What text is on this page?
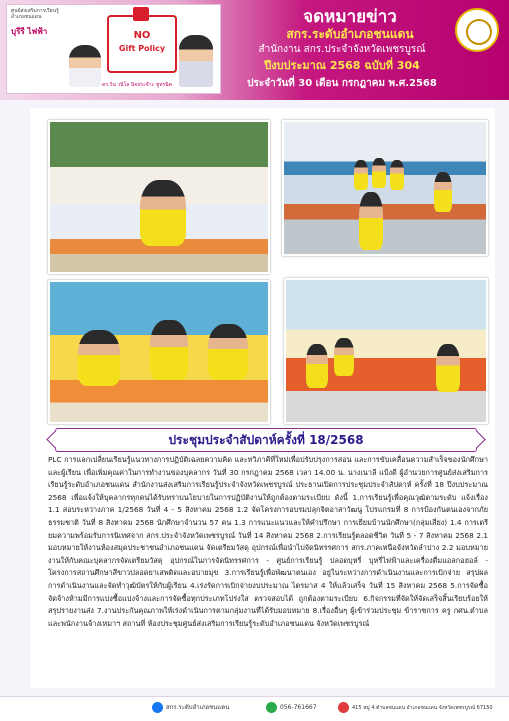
ศูนย์ส่งเสริมการเรียนรู้อำเภอชนแดน
บุรีรี ไฟฟ้า	NO
Gift Policy
ดร.วิน วนิโล นิจประจ๊าะ ชูทรนิต
จดหมายข่าว
สกร.ระดับอำเภอชนแดน
สำนักงาน สกร.ประจำจังหวัดเพชรบูรณ์
ปีงบประมาณ 2568 ฉบับที่ 304
ประจำวันที่ 30 เดือน กรกฎาคม พ.ศ.2568
ประชุมประจำสัปดาห์ครั้งที่ 18/2568
PLC การแลกเปลี่ยนเรียนรู้แนวทางการปฏิบัติเฉลยความคิด และทวิภาคีที่ใหม่เพื่อปรับปรุงการสอน และการขับเคลื่อนความสำเร็จของนักศึกษาและผู้เรียน เพื่อเพิ่มคุณค่าในการทำงานของบุคลากร วันที่ 30 กรกฎาคม 2568 เวลา 14.00 น. นางเนาลี แป้งดี ผู้อำนวยการศูนย์ส่งเสริมการเรียนรู้ระดับอำเภอชนแดน สำนักงานส่งเสริมการเรียนรู้ประจำจังหวัดเพชรบูรณ์ ประธานเปิดการประชุมประจำสัปดาห์ ครั้งที่ 18 ปีงบประมาณ 2568 เพื่อแจ้งให้บุคลากรทุกคนได้รับทราบนโยบายในการปฏิบัติงานให้ถูกต้องตามระเบียบ ดังนี้ 1.การเรียนรู้เพื่อคุณวุฒิตามระดับ แจ้งเรื่อง 1.1 สอบระหว่างภาค 1/2568 วันที่ 4 - 5 สิงหาคม 2568 1.2 จัดโครงการอบรมปลุกจิตอาสาวัฒนู โปรแกรมที่ 8 การป้องกันตนเองจากภัยธรรมชาติ วันที่ 8 สิงหาคม 2568 นักศึกษาจำนวน 57 คน 1.3 การแนะแนวและให้คำปรึกษา การเยี่ยมบ้านนักศึกษา(กลุ่มเสี่ยง) 1.4 การเตรียมความพร้อมรับการนิเทศจาก สกร.ประจำจังหวัดเพชรบูรณ์ วันที่ 14 สิงหาคม 2568 2.การเรียนรู้ตลอดชีวิต วันที่ 5 - 7 สิงหาคม 2568 2.1 มอบหมายให้งานห้องสมุดประชาชนอำเภอชนแดน จัดเตรียมวัสดุ อุปกรณ์เพื่อนำไปจัดนิทรรศการ สกร.ภาคเหนือจังหวัดลำปาง 2.2 มอบหมายงานให้กับคณะบุคลากรจัดเตรียมวัสดุ อุปกรณ์ในการจัดนิทรรศการ - ศูนย์การเรียนรู้ ปลอดบุหรี่ บุหรี่ไฟฟ้าและเครื่องดื่มแอลกอฮอล์ - โครงการสถานศึกษาสีขาวปลอดยาเสพติดและอบายมุข 3.การเรียนรู้เพื่อพัฒนาตนเอง อยู่ในระหว่างการดำเนินงานและการเบิกจ่าย สรุปผลการดำเนินงานและจัดทำวุฒิบัตรให้กับผู้เรียน 4.เร่งรัดการเบิกจ่ายงบประมาณ ไตรมาส 4 ให้แล้วเสร็จ วันที่ 15 สิงหาคม 2568 5.การจัดซื้อจัดจ้างห้ามมีการแบ่งซื้อแบ่งจ้างและการจัดซื้อทุกประเภทโปร่งใส ตรวจสอบได้ ถูกต้องตามระเบียบ 6.กิจกรรมที่จัดให้จัดเสร็จสิ้นเรียบร้อยให้สรุปรายงานส่ง 7.งานประกันคุณภาพให้เร่งดำเนินการตามกลุ่มงานที่ได้รับมอบหมาย 8.เรื่องอื่นๆ ผู้เข้าร่วมประชุม ข้าราชการ ครู กศน.ตำบล และพนักงานจ้างเหมาฯ สถานที่ ห้องประชุมศูนย์ส่งเสริมการเรียนรู้ระดับอำเภอชนแดน จังหวัดเพชรบูรณ์
สกร.ระดับอำเภอชนแดน	056-761667	415 หมู่ 4 ตำบลชนแดน อำเภอชนแดน จังหวัดเพชรบูรณ์ 67150
